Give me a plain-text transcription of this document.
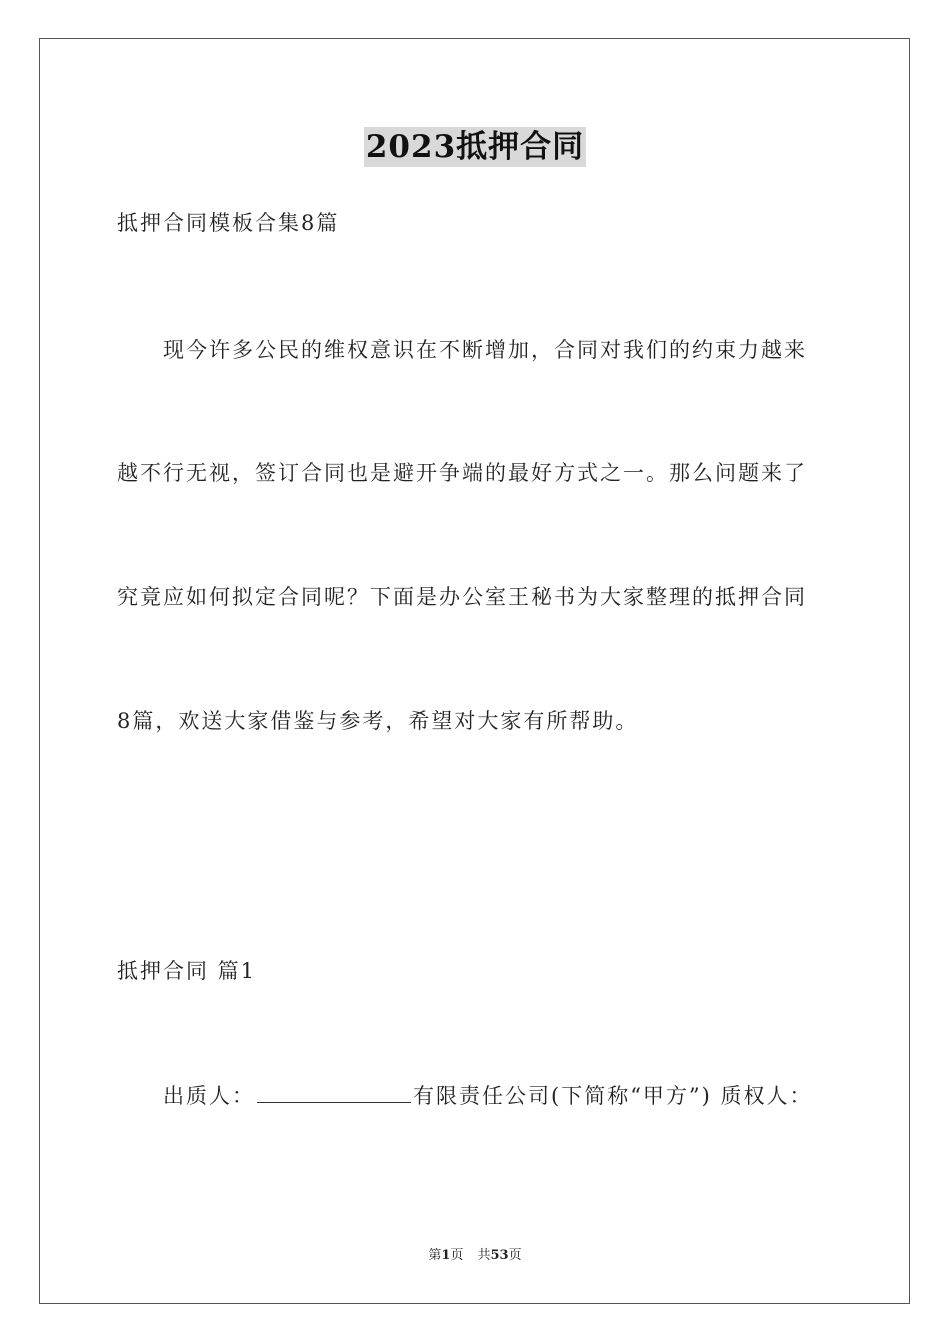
2023抵押合同
抵押合同模板合集8篇
现今许多公民的维权意识在不断增加，合同对我们的约束力越来
越不行无视，签订合同也是避开争端的最好方式之一。那么问题来了
究竟应如何拟定合同呢？下面是办公室王秘书为大家整理的抵押合同
8篇，欢送大家借鉴与参考，希望对大家有所帮助。
抵押合同 篇1
出质人：	有限责任公司(下简称“甲方”) 质权人：
第1页 共53页
